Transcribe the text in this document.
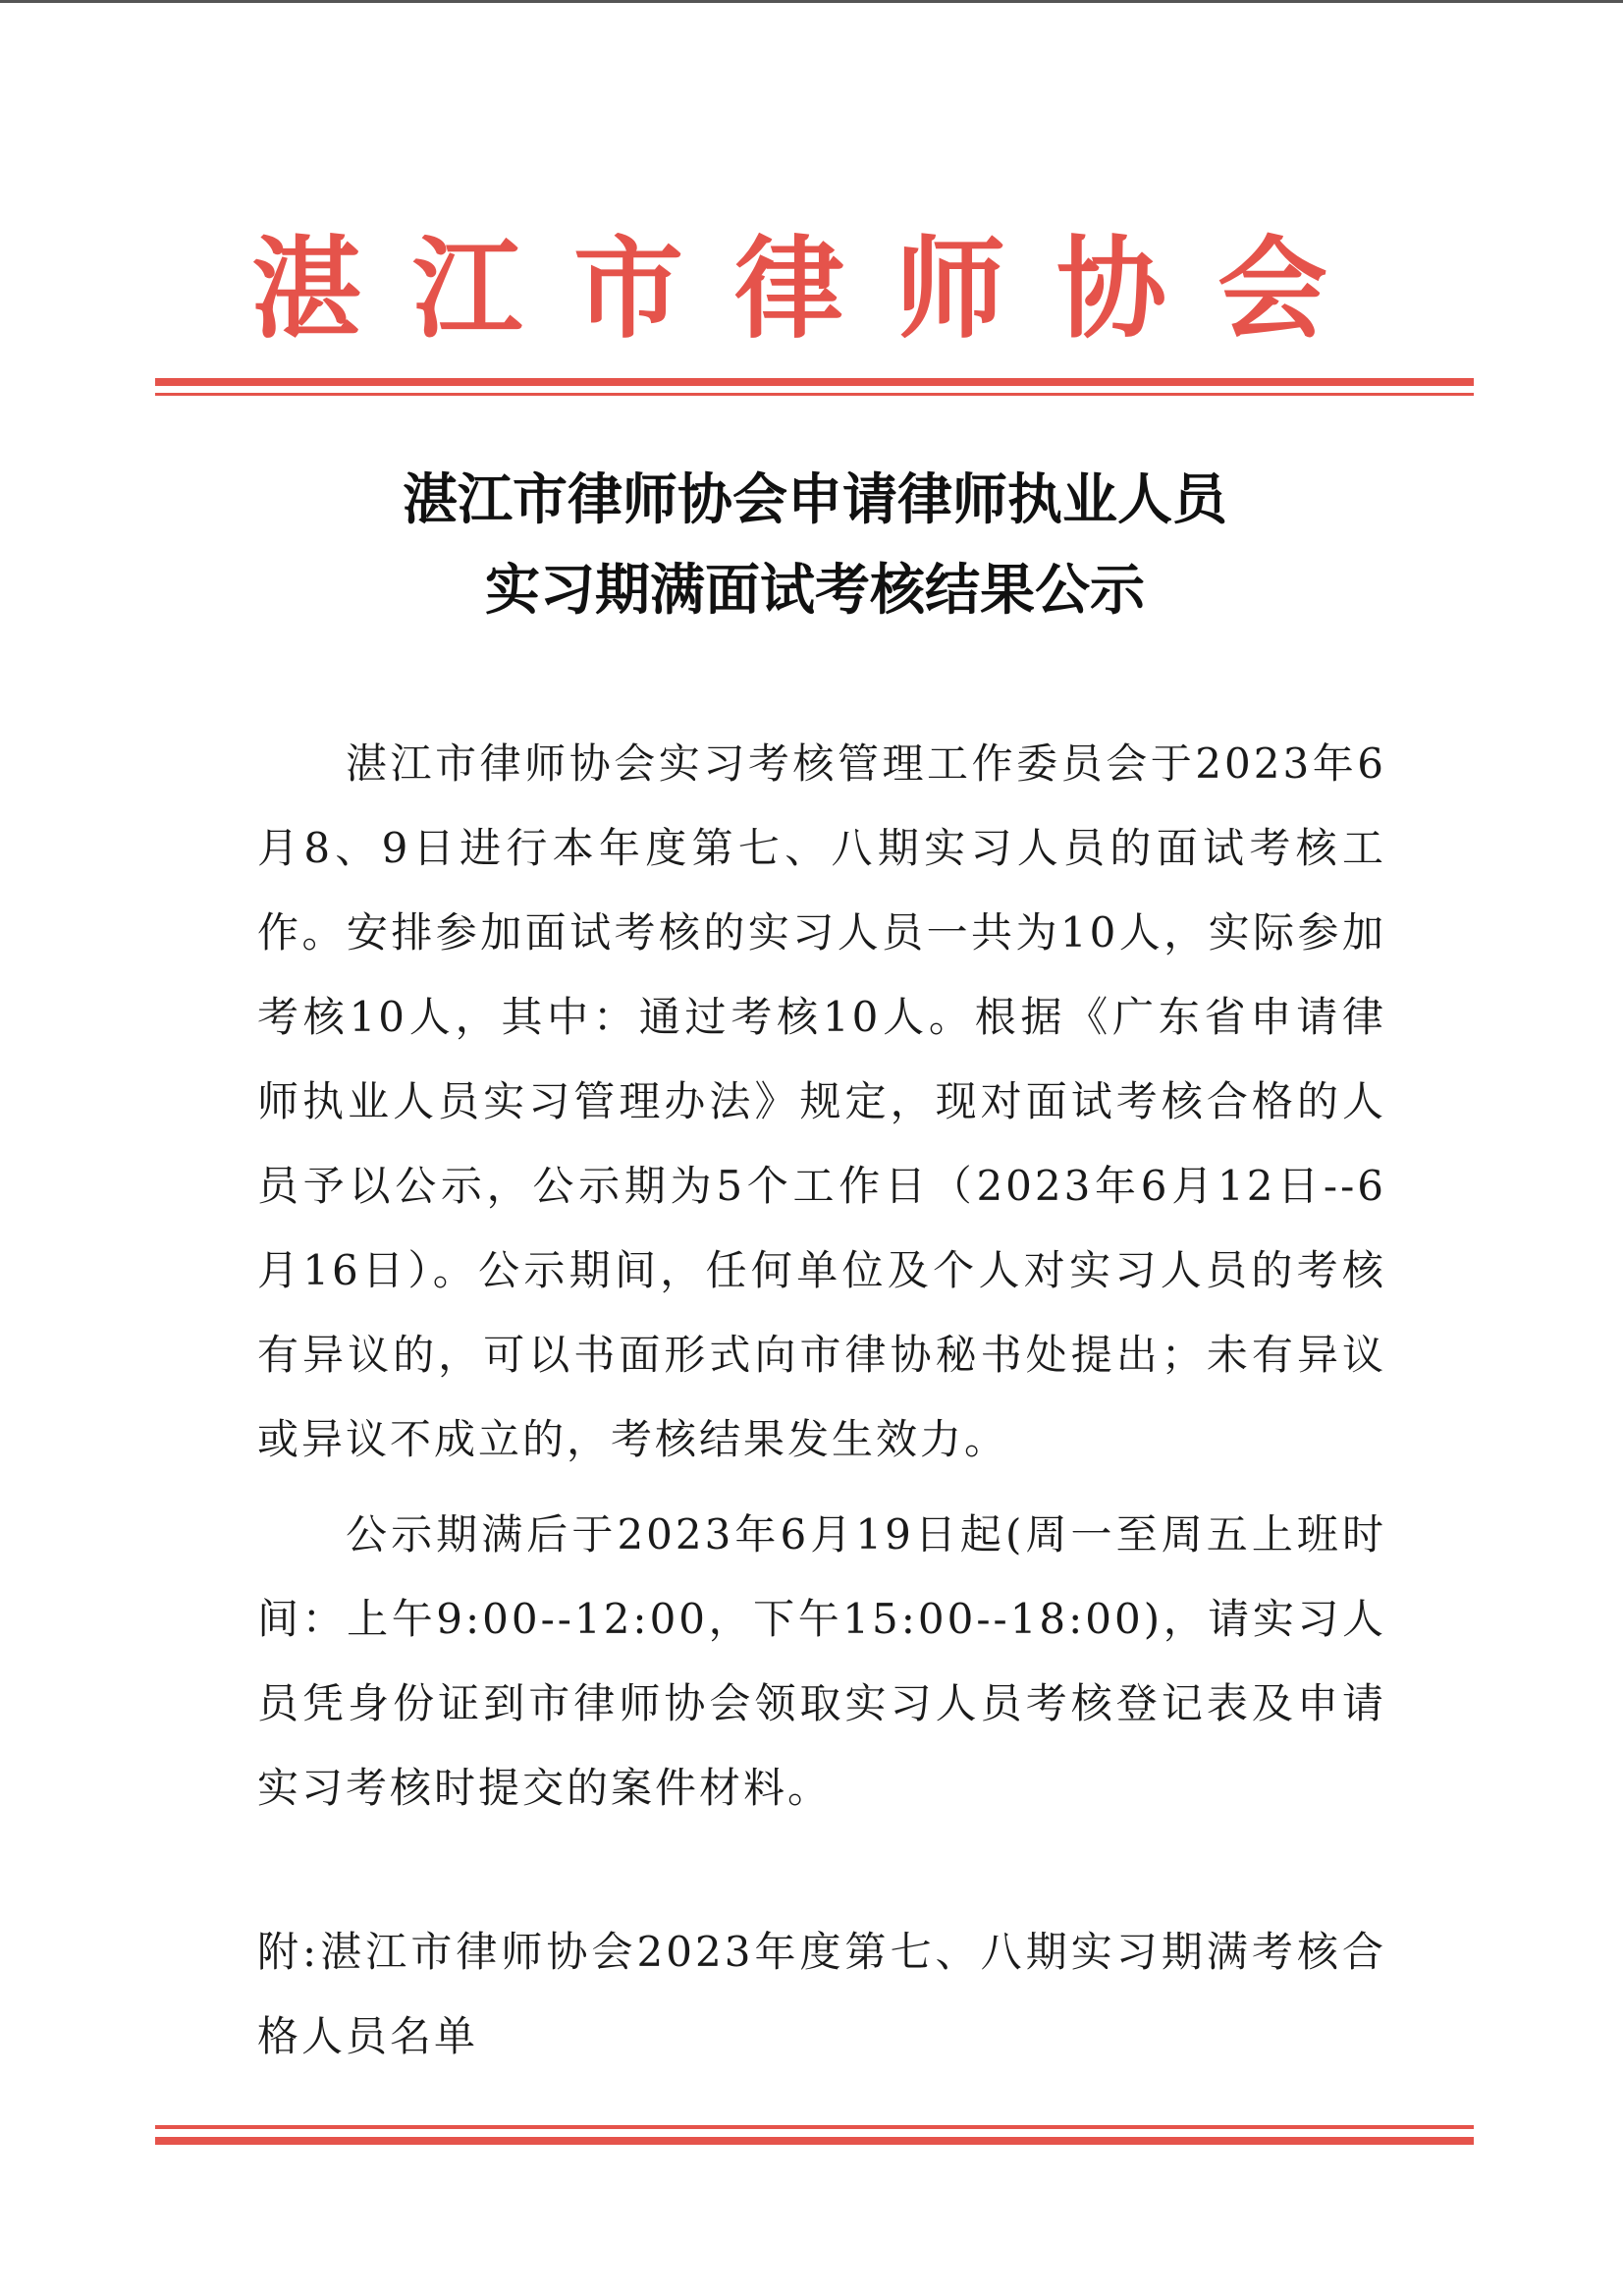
湛江市律师协会
湛江市律师协会申请律师执业人员
实习期满面试考核结果公示
湛江市律师协会实习考核管理工作委员会于2023年6月8、9日进行本年度第七、八期实习人员的面试考核工作。安排参加面试考核的实习人员一共为10人，实际参加考核10人，其中：通过考核10人。根据《广东省申请律师执业人员实习管理办法》规定，现对面试考核合格的人员予以公示，公示期为5个工作日（2023年6月12日--6月16日）。公示期间，任何单位及个人对实习人员的考核有异议的，可以书面形式向市律协秘书处提出；未有异议或异议不成立的，考核结果发生效力。
公示期满后于2023年6月19日起(周一至周五上班时间：上午9:00--12:00，下午15:00--18:00)，请实习人员凭身份证到市律师协会领取实习人员考核登记表及申请实习考核时提交的案件材料。
附:湛江市律师协会2023年度第七、八期实习期满考核合格人员名单
